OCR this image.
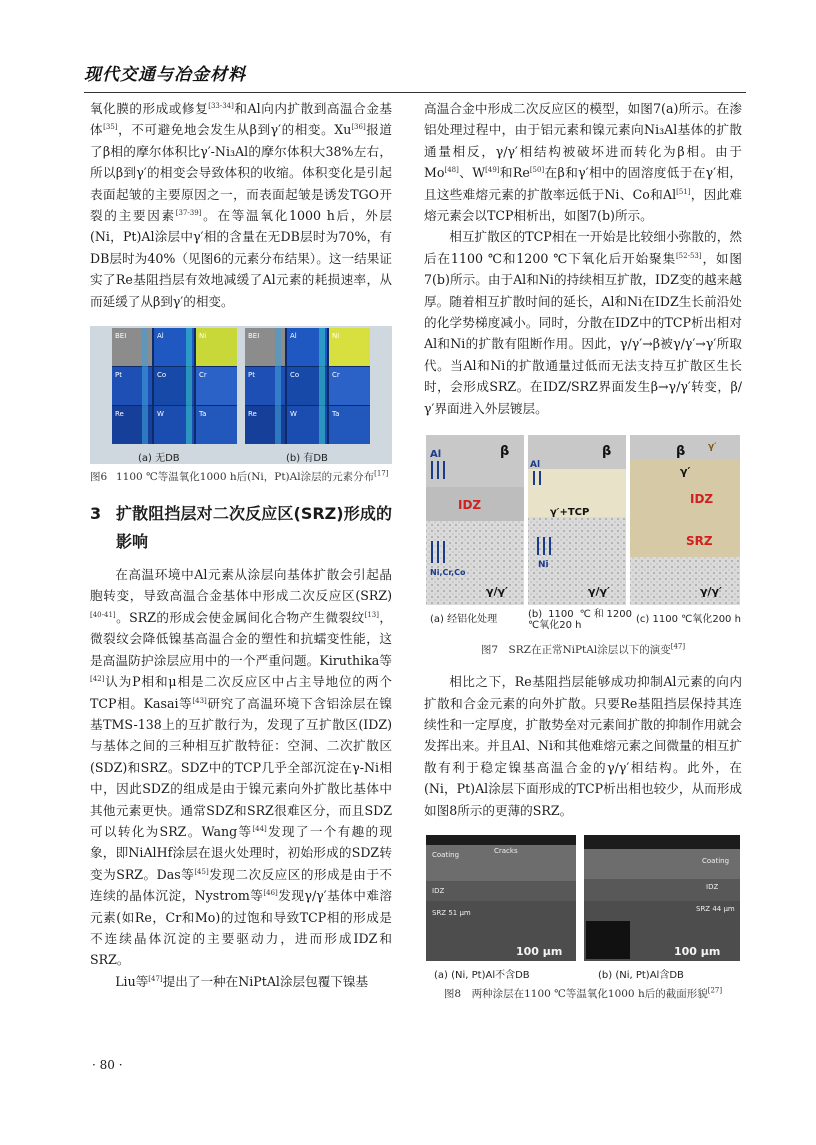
现代交通与冶金材料

氧化膜的形成或修复[33-34]和Al向内扩散到高温合金基体[35]，不可避免地会发生从β到γ′的相变。Xu[36]报道了β相的摩尔体积比γ′-Ni₃Al的摩尔体积大38%左右，所以β到γ′的相变会导致体积的收缩。体积变化是引起表面起皱的主要原因之一，而表面起皱是诱发TGO开裂的主要因素[37-39]。在等温氧化1000 h后，外层(Ni，Pt)Al涂层中γ′相的含量在无DB层时为70%，有DB层时为40%（见图6的元素分布结果）。这一结果证实了Re基阻挡层有效地减缓了Al元素的耗损速率，从而延缓了从β到γ′的相变。

BEI	Al	Ni
Pt	Co	Cr
Re	W	Ta
BEI	Al	Ni
Pt	Co	Cr
Re	W	Ta
(a) 无DB	(b) 有DB
图6 1100 ℃等温氧化1000 h后(Ni，Pt)Al涂层的元素分布[17]
3 扩散阻挡层对二次反应区(SRZ)形成的影响

在高温环境中Al元素从涂层向基体扩散会引起晶胞转变，导致高温合金基体中形成二次反应区(SRZ)[40-41]。SRZ的形成会使金属间化合物产生微裂纹[13]，微裂纹会降低镍基高温合金的塑性和抗蠕变性能，这是高温防护涂层应用中的一个严重问题。Kiruthika等[42]认为P相和μ相是二次反应区中占主导地位的两个TCP相。Kasai等[43]研究了高温环境下含铝涂层在镍基TMS-138上的互扩散行为，发现了互扩散区(IDZ)与基体之间的三种相互扩散特征：空洞、二次扩散区(SDZ)和SRZ。SDZ中的TCP几乎全部沉淀在γ-Ni相中，因此SDZ的组成是由于镍元素向外扩散比基体中其他元素更快。通常SDZ和SRZ很难区分，而且SDZ可以转化为SRZ。Wang等[44]发现了一个有趣的现象，即NiAlHf涂层在退火处理时，初始形成的SDZ转变为SRZ。Das等[45]发现二次反应区的形成是由于不连续的晶体沉淀，Nystrom等[46]发现γ/γ′基体中难溶元素(如Re，Cr和Mo)的过饱和导致TCP相的形成是不连续晶体沉淀的主要驱动力，进而形成IDZ和SRZ。

Liu等[47]提出了一种在NiPtAl涂层包覆下镍基

高温合金中形成二次反应区的模型，如图7(a)所示。在渗铝处理过程中，由于铝元素和镍元素向Ni₃Al基体的扩散通量相反，γ/γ′相结构被破坏进而转化为β相。由于Mo[48]、W[49]和Re[50]在β和γ′相中的固溶度低于在γ′相，且这些难熔元素的扩散率远低于Ni、Co和Al[51]，因此难熔元素会以TCP相析出，如图7(b)所示。

相互扩散区的TCP相在一开始是比较细小弥散的，然后在1100 ℃和1200 ℃下氧化后开始聚集[52-53]，如图7(b)所示。由于Al和Ni的持续相互扩散，IDZ变的越来越厚。随着相互扩散时间的延长，Al和Ni在IDZ生长前沿处的化学势梯度减小。同时，分散在IDZ中的TCP析出相对Al和Ni的扩散有阻断作用。因此，γ/γ′→β被γ/γ′→γ′所取代。当Al和Ni的扩散通量过低而无法支持互扩散区生长时，会形成SRZ。在IDZ/SRZ界面发生β→γ/γ′转变，β/γ′界面进入外层镀层。

β
Al
IDZ
Ni,Cr,Co
γ/γ′
β
Al
γ′+TCP
Ni
γ/γ′
β	γ′
γ′
IDZ
SRZ
γ/γ′
(a) 经铝化处理	(b) 1100 ℃和1200 ℃氧化20 h
(c) 1100 ℃氧化200 h
图7　SRZ在正常NiPtAl涂层以下的演变[47]

相比之下，Re基阻挡层能够成功抑制Al元素的向内扩散和合金元素的向外扩散。只要Re基阻挡层保持其连续性和一定厚度，扩散势垒对元素间扩散的抑制作用就会发挥出来。并且Al、Ni和其他难熔元素之间微量的相互扩散有利于稳定镍基高温合金的γ/γ′相结构。此外，在(Ni，Pt)Al涂层下面形成的TCP析出相也较少，从而形成如图8所示的更薄的SRZ。

Coating	Cracks
IDZ
SRZ 51 μm
100 μm
Coating
IDZ
SRZ 44 μm
100 μm
(a) (Ni, Pt)Al不含DB	(b) (Ni, Pt)Al含DB
图8　两种涂层在1100 ℃等温氧化1000 h后的截面形貌[27]
· 80 ·
